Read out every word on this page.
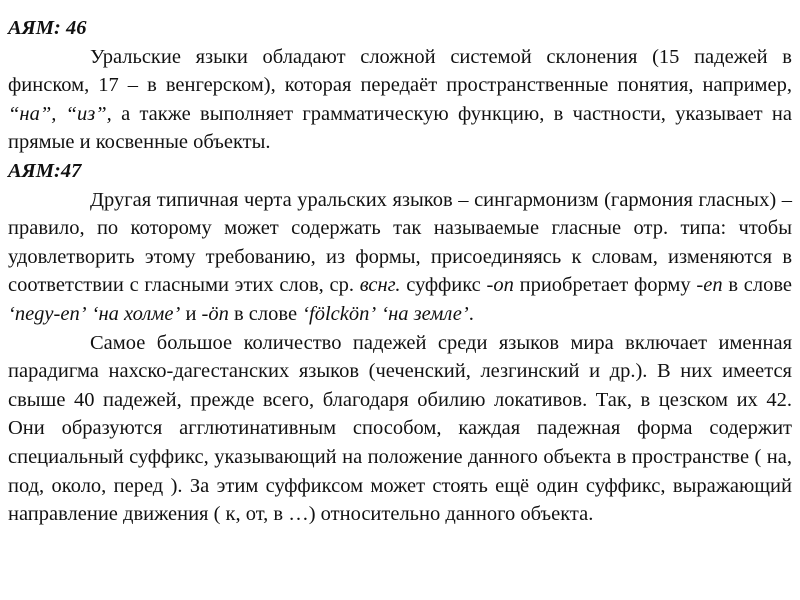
АЯМ: 46

Уральские языки обладают сложной системой склонения (15 падежей в финском, 17 – в венгерском), которая передаёт пространственные понятия, например, “на”, “из”, а также выполняет грамматическую функцию, в частности, указывает на прямые и косвенные объекты.

АЯМ:47

Другая типичная черта уральских языков – сингармонизм (гармония гласных) –правило, по которому может содержать так называемые гласные отр. типа: чтобы удовлетворить этому требованию, из формы, присоединяясь к словам, изменяются в соответствии с гласными этих слов, ср. вснг. суффикс -on приобретает форму -en в слове ‘negy-en’ ‘на холме’ и -ön в слове ‘fölckön’ ‘на земле’.

Самое большое количество падежей среди языков мира включает именная парадигма нахско-дагестанских языков (чеченский, лезгинский и др.). В них имеется свыше 40 падежей, прежде всего, благодаря обилию локативов. Так, в цезском их 42. Они образуются агглютинативным способом, каждая падежная форма содержит специальный суффикс, указывающий на положение данного объекта в пространстве ( на, под, около, перед ). За этим суффиксом может стоять ещё один суффикс, выражающий направление движения ( к, от, в …) относительно данного объекта.
